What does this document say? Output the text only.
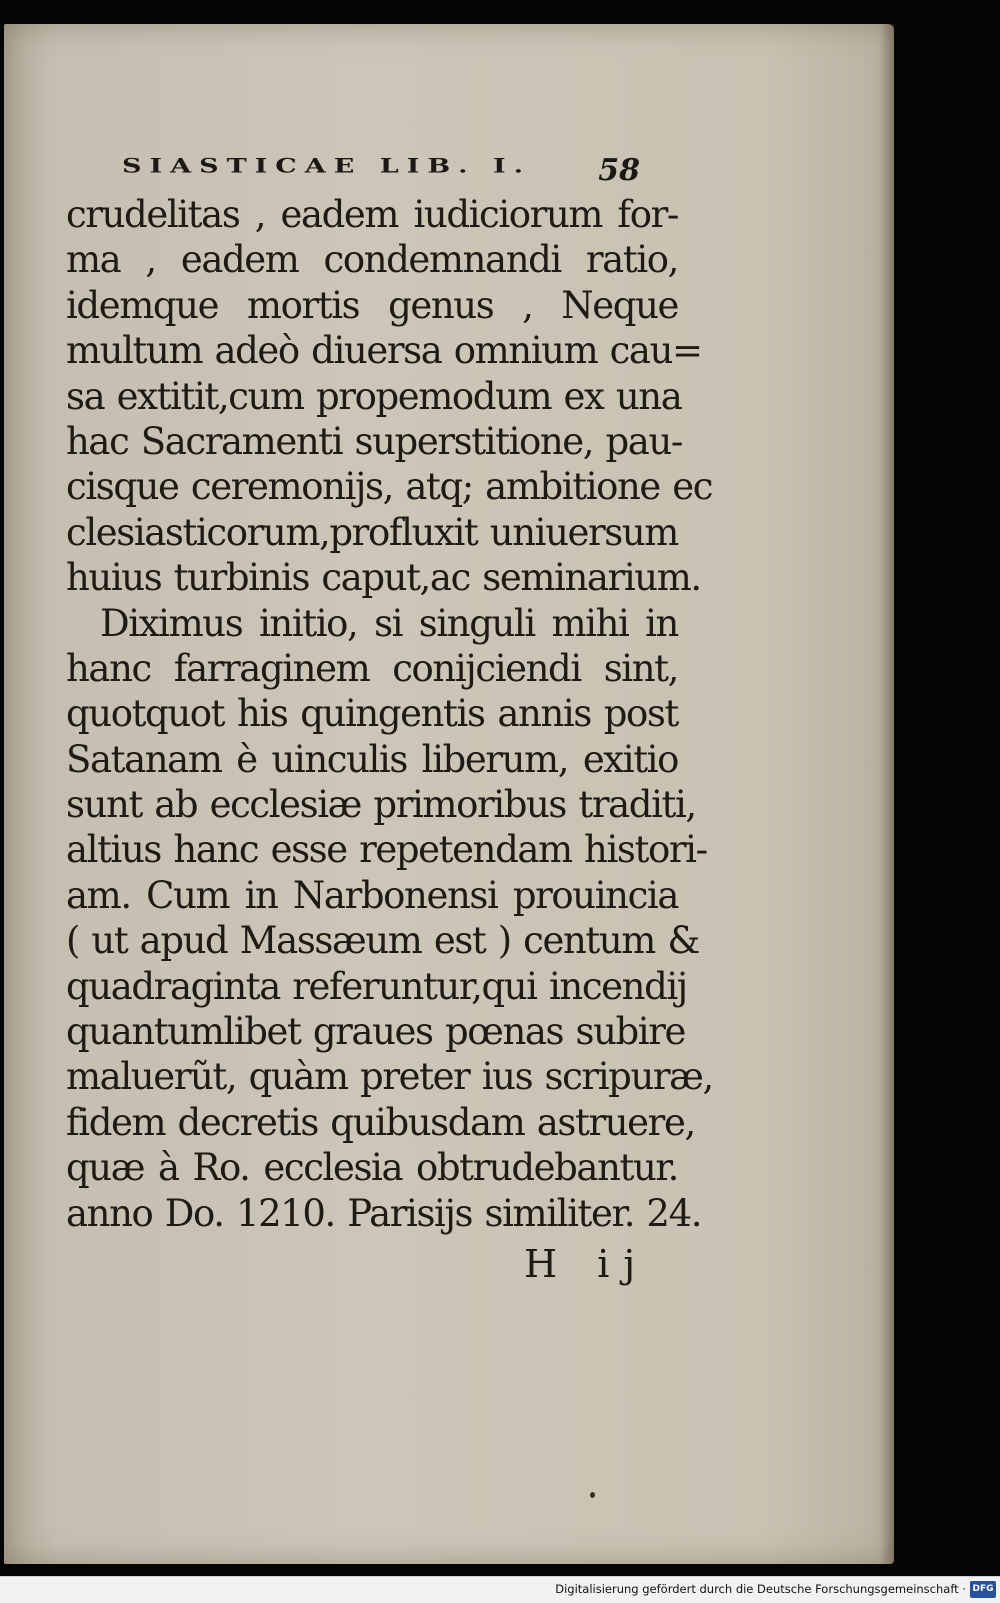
SIASTICAE LIB. I. 58
crudelitas , eadem iudiciorum for-
ma , eadem condemnandi ratio,
idemque mortis genus , Neque
multum adeò diuersa omnium cau=
sa extitit,cum propemodum ex una
hac Sacramenti superstitione, pau-
cisque ceremonijs, atq; ambitione ec
clesiasticorum,profluxit uniuersum
huius turbinis caput,ac seminarium.
Diximus initio, si singuli mihi in
hanc farraginem conijciendi sint,
quotquot his quingentis annis post
Satanam è uinculis liberum, exitio
sunt ab ecclesiæ primoribus traditi,
altius hanc esse repetendam histori-
am. Cum in Narbonensi prouincia
( ut apud Massæum est ) centum &
quadraginta referuntur,qui incendij
quantumlibet graues pœnas subire
maluerũt, quàm preter ius scripuræ,
fidem decretis quibusdam astruere,
quæ à Ro. ecclesia obtrudebantur.
anno Do. 1210. Parisijs similiter. 24.
H ij
Digitalisierung gefördert durch die Deutsche Forschungsgemeinschaft · DFG
